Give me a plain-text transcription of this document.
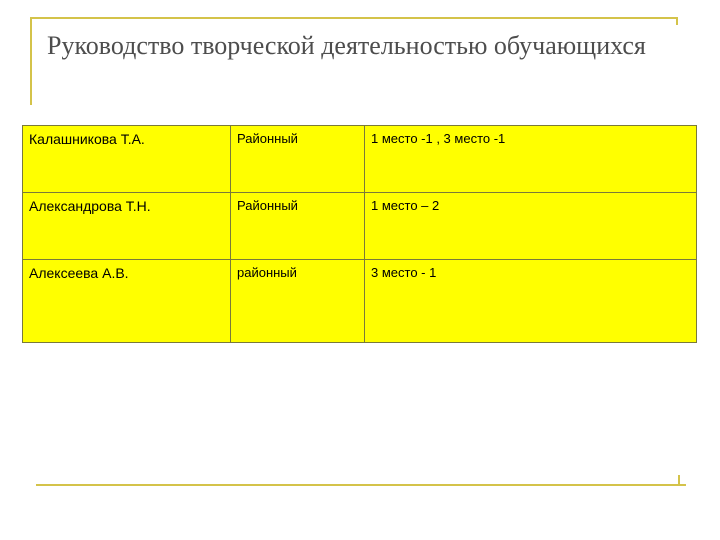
Руководство творческой деятельностью обучающихся
Калашникова Т.А.	Районный	1 место -1 , 3 место -1
Александрова Т.Н.	Районный	1 место – 2
Алексеева А.В.	районный	3 место - 1
